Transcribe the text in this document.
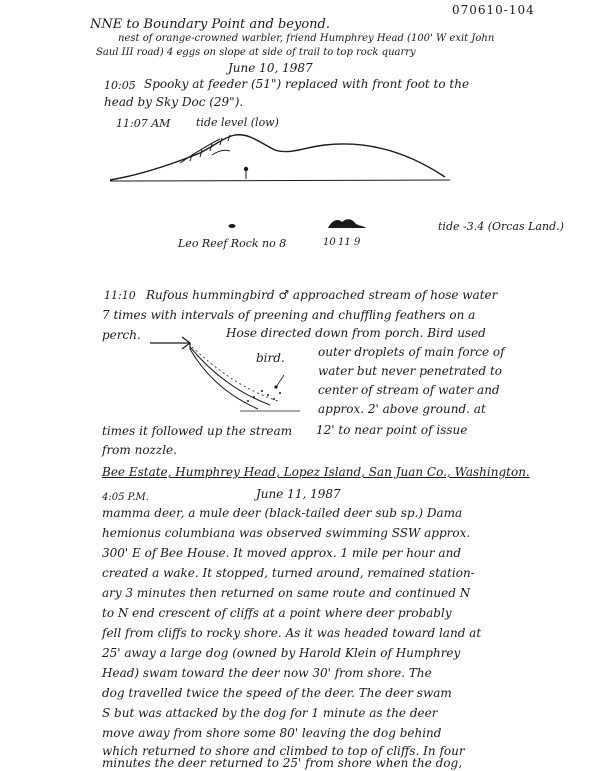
070610-104
NNE to Boundary Point and beyond.
nest of orange-crowned warbler, friend Humphrey Head (100' W exit John
Saul III road) 4 eggs on slope at side of trail to top rock quarry
June 10, 1987
10:05 Spooky at feeder (51") replaced with front foot to the
head by Sky Doc (29").
11:07 AM tide level (low)
Leo Reef Rock no 8	10 11 9
tide -3.4 (Orcas Land.)
11:10 Rufous hummingbird ♂ approached stream of hose water
7 times with intervals of preening and chuffling feathers on a
perch.	Hose directed down from porch. Bird used
outer droplets of main force of
water but never penetrated to
center of stream of water and
approx. 2' above ground. at
bird.
times it followed up the stream 12' to near point of issue
from nozzle.
Bee Estate, Humphrey Head, Lopez Island, San Juan Co., Washington.
4:05 P.M.	June 11, 1987
mamma deer, a mule deer (black-tailed deer sub sp.) Dama
hemionus columbiana was observed swimming SSW approx.
300' E of Bee House. It moved approx. 1 mile per hour and
created a wake. It stopped, turned around, remained station-
ary 3 minutes then returned on same route and continued N
to N end crescent of cliffs at a point where deer probably
fell from cliffs to rocky shore. As it was headed toward land at
25' away a large dog (owned by Harold Klein of Humphrey
Head) swam toward the deer now 30' from shore. The
dog travelled twice the speed of the deer. The deer swam
S but was attacked by the dog for 1 minute as the deer
move away from shore some 80' leaving the dog behind
which returned to shore and climbed to top of cliffs. In four
minutes the deer returned to 25' from shore when the dog,
